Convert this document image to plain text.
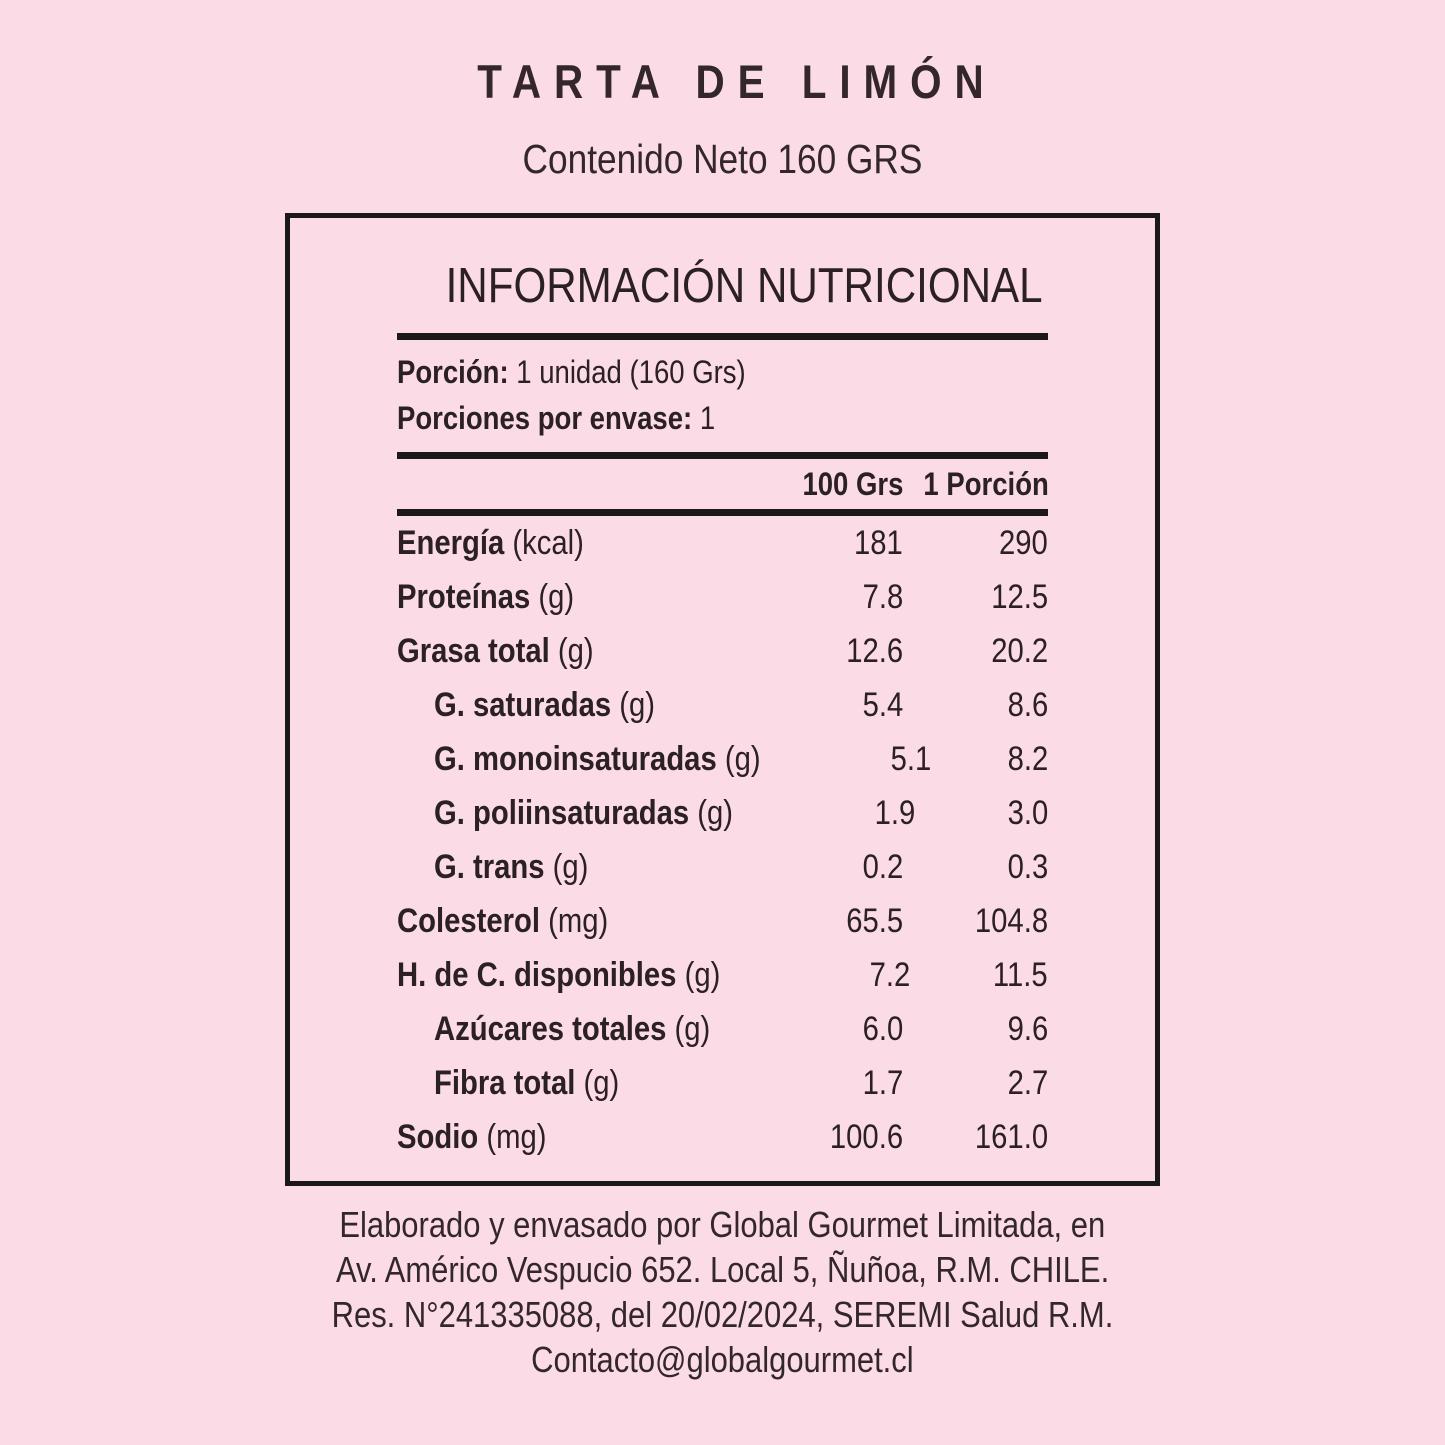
TARTA DE LIMÓN
Contenido Neto 160 GRS
INFORMACIÓN NUTRICIONAL
Porción: 1 unidad (160 Grs)
Porciones por envase: 1
100 Grs 1 Porción
Energía (kcal)	181	290
Proteínas (g)	7.8	12.5
Grasa total (g)	12.6	20.2
G. saturadas (g)	5.4	8.6
G. monoinsaturadas (g)	5.1	8.2
G. poliinsaturadas (g)	1.9	3.0
G. trans (g)	0.2	0.3
Colesterol (mg)	65.5	104.8
H. de C. disponibles (g)	7.2	11.5
Azúcares totales (g)	6.0	9.6
Fibra total (g)	1.7	2.7
Sodio (mg)	100.6	161.0
Elaborado y envasado por Global Gourmet Limitada, en
Av. Américo Vespucio 652. Local 5, Ñuñoa, R.M. CHILE.
Res. N°241335088, del 20/02/2024, SEREMI Salud R.M.
Contacto@globalgourmet.cl
